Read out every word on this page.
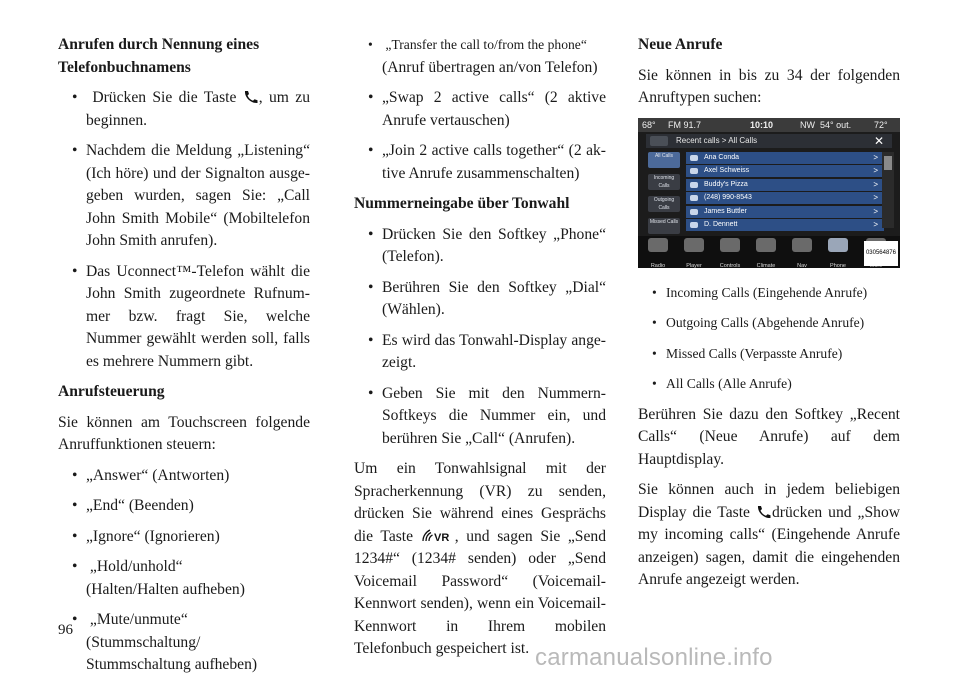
Anrufen durch Nennung eines
Telefonbuchnamens

• Drücken Sie die Taste , um zu beginnen.

• Nachdem die Meldung „Listening“ (Ich höre) und der Signalton ausgegeben wurden, sagen Sie: „Call John Smith Mobile“ (Mobiltelefon John Smith anrufen).

• Das Uconnect™-Telefon wählt die John Smith zugeordnete Rufnummer bzw. fragt Sie, welche Nummer gewählt werden soll, falls es mehrere Nummern gibt.

Anrufsteuerung

Sie können am Touchscreen folgende Anruffunktionen steuern:

• „Answer“ (Antworten)

• „End“ (Beenden)

• „Ignore“ (Ignorieren)

• „Hold/unhold“
(Halten/Halten aufheben)

• „Mute/unmute“
(Stummschaltung/
Stummschaltung aufheben)

• „Transfer the call to/from the phone“
(Anruf übertragen an/von Telefon)

• „Swap 2 active calls“ (2 aktive Anrufe vertauschen)

• „Join 2 active calls together“ (2 aktive Anrufe zusammenschalten)

Nummerneingabe über Tonwahl

• Drücken Sie den Softkey „Phone“ (Telefon).

• Berühren Sie den Softkey „Dial“ (Wählen).

• Es wird das Tonwahl-Display angezeigt.

• Geben Sie mit den Nummern-Softkeys die Nummer ein, und berühren Sie „Call“ (Anrufen).

Um ein Tonwahlsignal mit der Spracherkennung (VR) zu senden, drücken Sie während eines Gesprächs die Taste VR , und sagen Sie „Send 1234#“ (1234# senden) oder „Send Voicemail Password“ (Voicemail-Kennwort senden), wenn ein Voicemail-Kennwort in Ihrem mobilen Telefonbuch gespeichert ist.

Neue Anrufe

Sie können in bis zu 34 der folgenden Anruftypen suchen:

68° FM 91.7	10:10	NW 54° out.	72°
Recent calls > All Calls	✕
All Calls
Incoming Calls
Outgoing Calls
Missed Calls
Ana Conda	>
Axel Schweiss	>
Buddy's Pizza	>
(248) 990-8543	>
James Buttler	>
D. Dennett	>
Radio	Player	Controls	Climate	Nav	Phone
030564876

• Incoming Calls (Eingehende Anrufe)

• Outgoing Calls (Abgehende Anrufe)

• Missed Calls (Verpasste Anrufe)

• All Calls (Alle Anrufe)

Berühren Sie dazu den Softkey „Recent Calls“ (Neue Anrufe) auf dem Hauptdisplay.

Sie können auch in jedem beliebigen Display die Taste drücken und „Show my incoming calls“ (Eingehende Anrufe anzeigen) sagen, damit die eingehenden Anrufe angezeigt werden.

96
carmanualsonline.info
